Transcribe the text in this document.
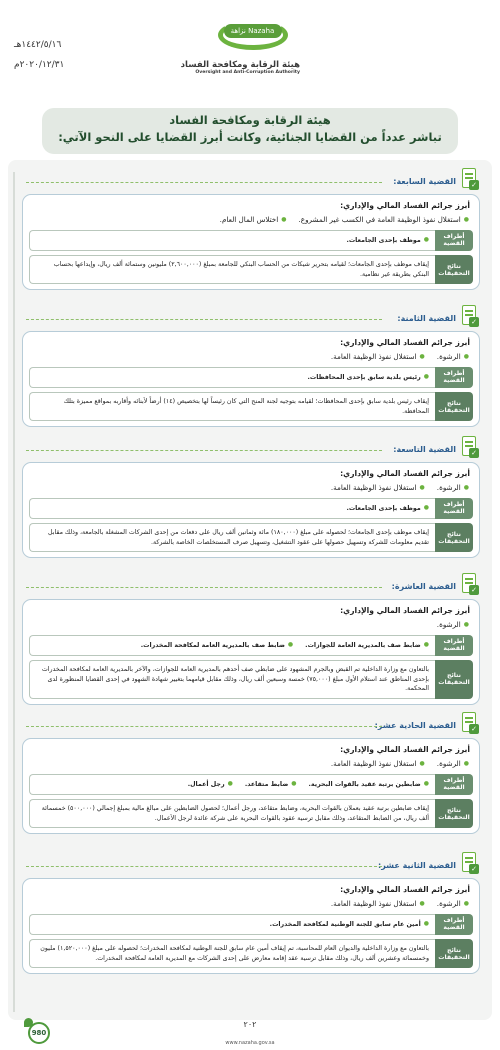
Nazaha نزاهة
هيئة الرقابة ومكافحة الفساد
Oversight and Anti-Corruption Authority
١٤٤٢/٥/١٦هـ
٢٠٢٠/١٢/٣١م
هيئة الرقابة ومكافحة الفساد
تباشر عدداً من القضايا الجنائية، وكانت أبرز القضايا على النحو الآتي:
✓
القضية السابعة:
أبرز جرائم الفساد المالي والإداري:
● استغلال نفوذ الوظيفة العامة في الكسب غير المشروع.● اختلاس المال العام.
أطراف القضية
● موظف بإحدى الجامعات.
نتائج التحقيقات
إيقاف موظف بإحدى الجامعات؛ لقيامه بتحرير شيكات من الحساب البنكي للجامعة بمبلغ (٢,٦٠٠,٠٠٠) مليونين وستمائة ألف ريال، وإيداعها بحساب البنكي بطريقة غير نظامية.
✓
القضية الثامنة:
أبرز جرائم الفساد المالي والإداري:
● الرشوة.● استغلال نفوذ الوظيفة العامة.
أطراف القضية
● رئيس بلدية سابق بإحدى المحافظات.
نتائج التحقيقات
إيقاف رئيس بلدية سابق بإحدى المحافظات؛ لقيامه بتوجيه لجنة المنح التي كان رئيساً لها بتخصيص (١٤) أرضاً لأبنائه وأقاربه بمواقع مميزة بتلك المحافظة.
✓
القضية التاسعة:
أبرز جرائم الفساد المالي والإداري:
● الرشوة.● استغلال نفوذ الوظيفة العامة.
أطراف القضية
● موظف بإحدى الجامعات.
نتائج التحقيقات
إيقاف موظف بإحدى الجامعات؛ لحصوله على مبلغ (١٨٠,٠٠٠) مائة وثمانين ألف ريال على دفعات من إحدى الشركات المشغلة بالجامعة، وذلك مقابل تقديم معلومات للشركة وتسهيل حصولها على عقود التشغيل، وتسهيل صرف المستخلصات الخاصة بالشركة.
✓
القضية العاشرة:
أبرز جرائم الفساد المالي والإداري:
● الرشوة.
أطراف القضية
● ضابط صف بالمديرية العامة للجوازات.
● ضابط صف بالمديرية العامة لمكافحة المخدرات.
نتائج التحقيقات
بالتعاون مع وزارة الداخلية تم القبض وبالجرم المشهود على ضابطي صف أحدهم بالمديرية العامة للجوازات، والآخر بالمديرية العامة لمكافحة المخدرات بإحدى المناطق عند استلام الأول مبلغ (٧٥,٠٠٠) خمسة وسبعين ألف ريال، وذلك مقابل قيامهما بتغيير شهادة الشهود في إحدى القضايا المنظورة لدى المحكمة.
✓
القضية الحادية عشر:
أبرز جرائم الفساد المالي والإداري:
● الرشوة.● استغلال نفوذ الوظيفة العامة.
أطراف القضية
● ضابطين برتبة عقيد بالقوات البحرية.
● ضابط متقاعد.
● رجل أعمال.
نتائج التحقيقات
إيقاف ضابطين برتبة عقيد بعملان بالقوات البحرية، وضابط متقاعد، ورجل أعمال؛ لحصول الضابطين على مبالغ مالية بمبلغ إجمالي (٥٠٠,٠٠٠) خمسمائة ألف ريال، من الضابط المتقاعد، وذلك مقابل ترسية عقود بالقوات البحرية على شركة عائدة لرجل الأعمال.
✓
القضية الثانية عشر:
أبرز جرائم الفساد المالي والإداري:
● الرشوة.● استغلال نفوذ الوظيفة العامة.
أطراف القضية
● أمين عام سابق للجنة الوطنية لمكافحة المخدرات.
نتائج التحقيقات
بالتعاون مع وزارة الداخلية والديوان العام للمحاسبة، تم إيقاف أمين عام سابق للجنة الوطنية لمكافحة المخدرات؛ لحصوله على مبلغ (١,٥٢٠,٠٠٠) مليون وخمسمائة وعشرين ألف ريال، وذلك مقابل ترسية عقد إقامة معارض على إحدى الشركات مع المديرية العامة لمكافحة المخدرات.
980
٢٠٢
www.nazaha.gov.sa
